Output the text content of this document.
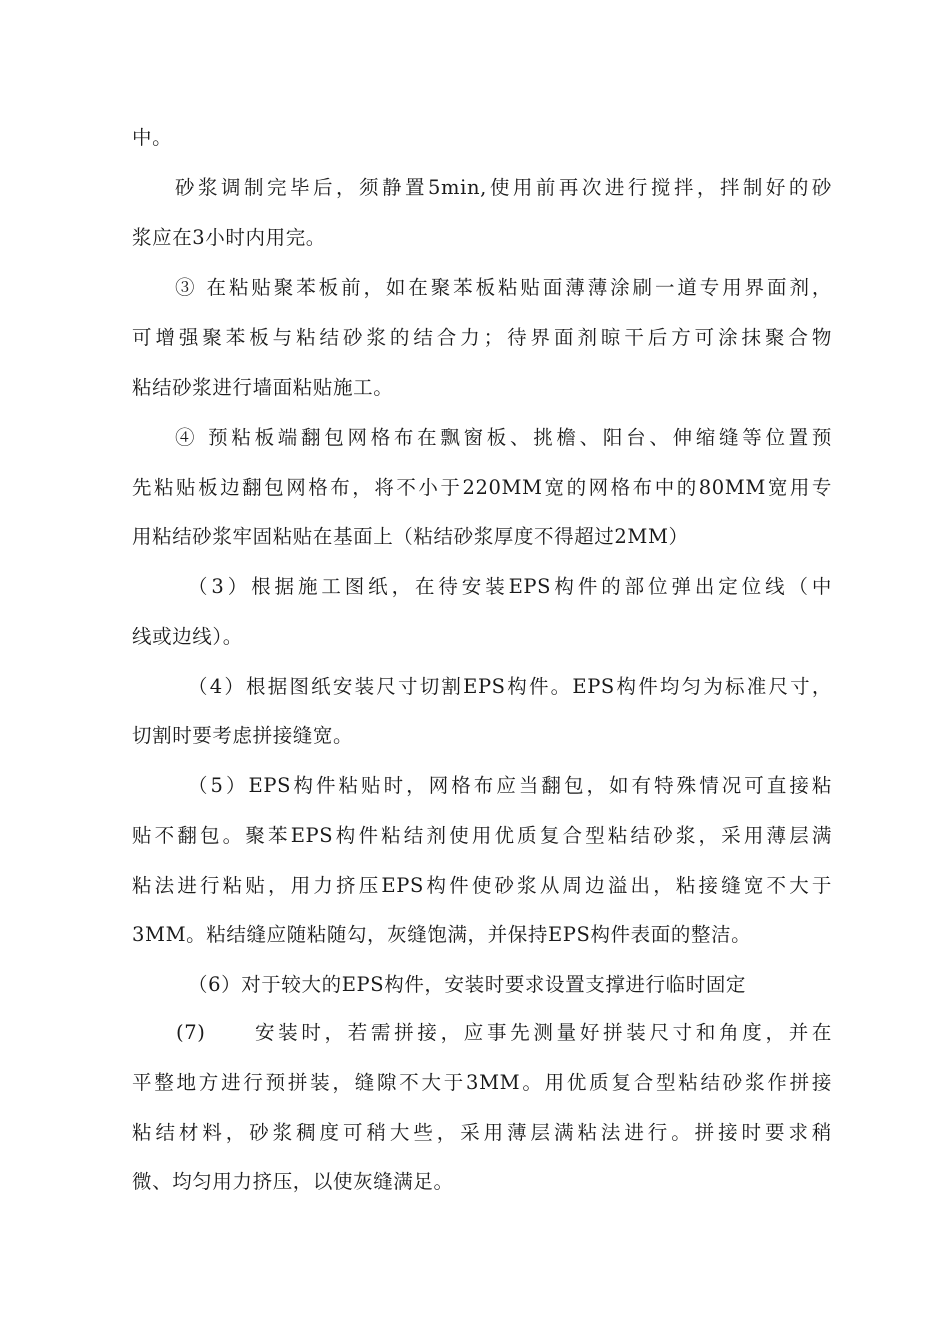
中。
砂浆调制完毕后，须静置5min,使用前再次进行搅拌，拌制好的砂
浆应在3小时内用完。
③ 在粘贴聚苯板前，如在聚苯板粘贴面薄薄涂刷一道专用界面剂，
可增强聚苯板与粘结砂浆的结合力；待界面剂晾干后方可涂抹聚合物
粘结砂浆进行墙面粘贴施工。
④ 预粘板端翻包网格布在飘窗板、挑檐、阳台、伸缩缝等位置预
先粘贴板边翻包网格布，将不小于220MM宽的网格布中的80MM宽用专
用粘结砂浆牢固粘贴在基面上（粘结砂浆厚度不得超过2MM）
（3）根据施工图纸，在待安装EPS构件的部位弹出定位线（中
线或边线）。
（4）根据图纸安装尺寸切割EPS构件。EPS构件均匀为标准尺寸，
切割时要考虑拼接缝宽。
（5）EPS构件粘贴时，网格布应当翻包，如有特殊情况可直接粘
贴不翻包。聚苯EPS构件粘结剂使用优质复合型粘结砂浆，采用薄层满
粘法进行粘贴，用力挤压EPS构件使砂浆从周边溢出，粘接缝宽不大于
3MM。粘结缝应随粘随勾，灰缝饱满，并保持EPS构件表面的整洁。
（6）对于较大的EPS构件，安装时要求设置支撑进行临时固定
(7)　　安装时，若需拼接，应事先测量好拼装尺寸和角度，并在
平整地方进行预拼装，缝隙不大于3MM。用优质复合型粘结砂浆作拼接
粘结材料，砂浆稠度可稍大些，采用薄层满粘法进行。拼接时要求稍
微、均匀用力挤压，以使灰缝满足。
